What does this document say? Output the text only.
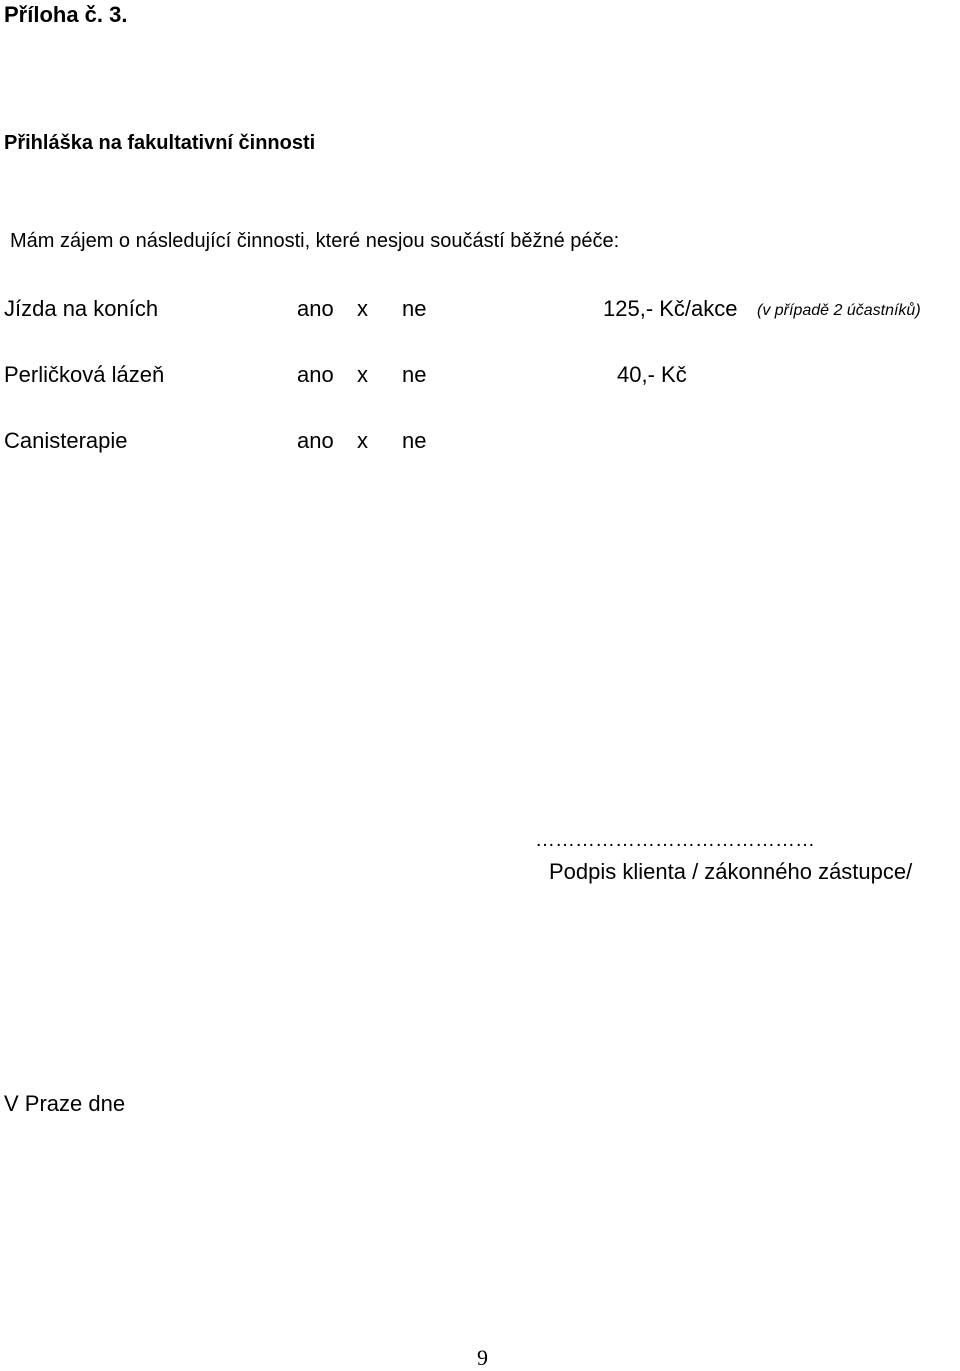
Příloha č. 3.
Přihláška na fakultativní činnosti
Mám zájem o následující činnosti, které nesjou součástí běžné péče:
Jízda na koních	ano x ne	125,- Kč/akce (v případě 2 účastníků)
Perličková lázeň	ano x ne	40,- Kč
Canisterapie	ano x ne
……………………………………
Podpis klienta / zákonného zástupce/
V Praze dne
9
